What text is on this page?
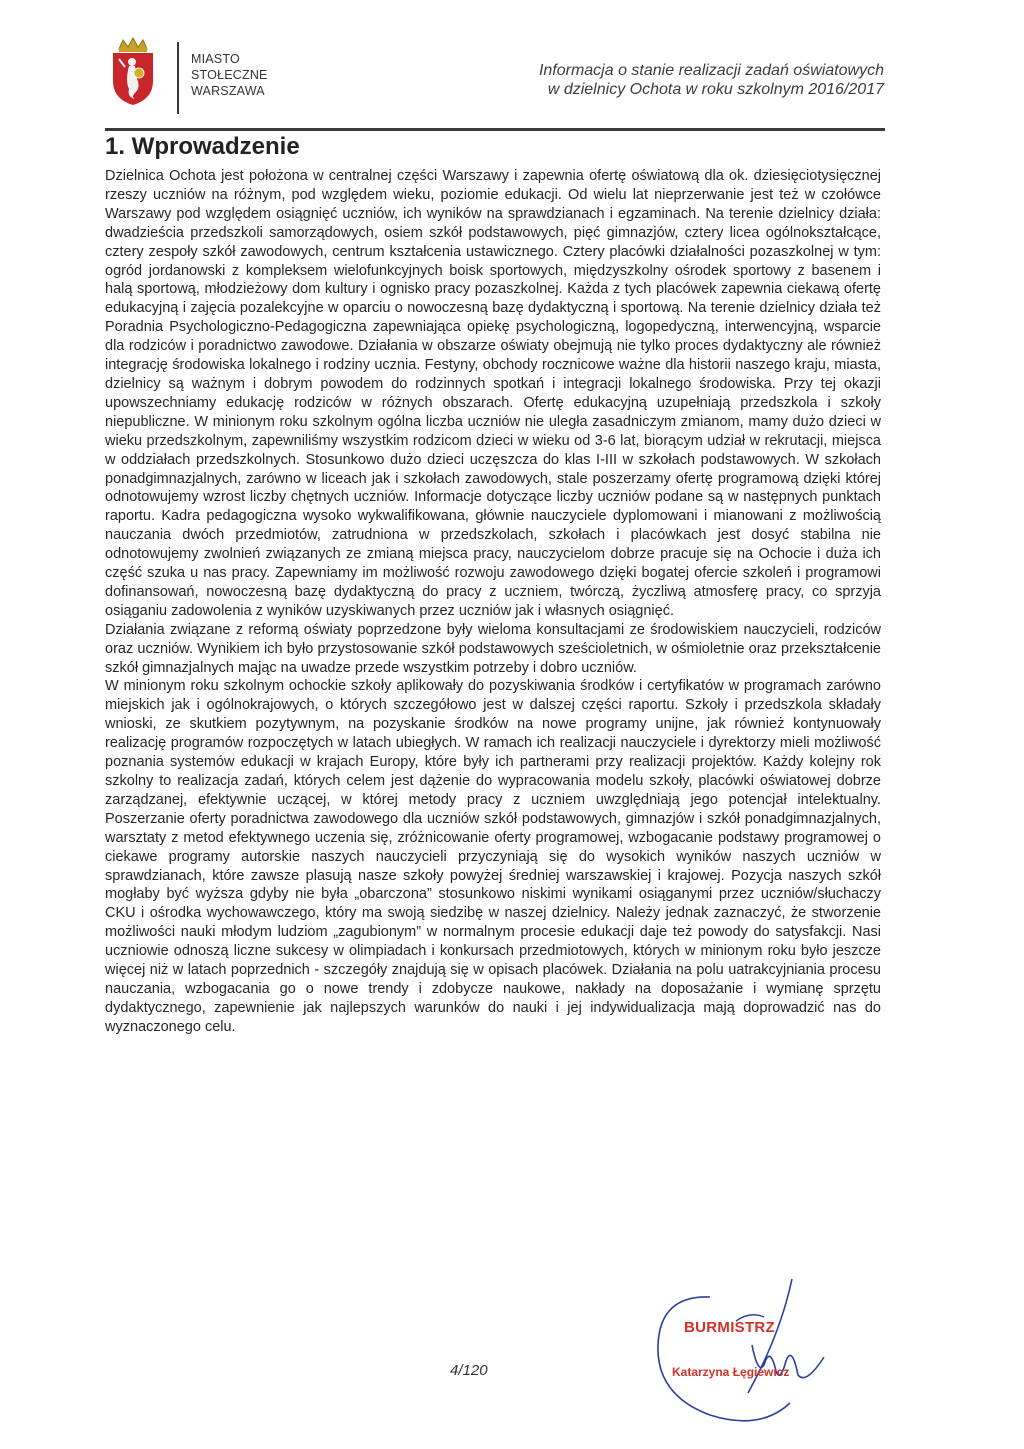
MIASTO
STOŁECZNE
WARSZAWA
Informacja o stanie realizacji zadań oświatowych
w dzielnicy Ochota w roku szkolnym 2016/2017
1. Wprowadzenie

Dzielnica Ochota jest położona w centralnej części Warszawy i zapewnia ofertę oświatową dla ok. dziesięciotysięcznej rzeszy uczniów na różnym, pod względem wieku, poziomie edukacji. Od wielu lat nieprzerwanie jest też w czołówce Warszawy pod względem osiągnięć uczniów, ich wyników na sprawdzianach i egzaminach. Na terenie dzielnicy działa: dwadzieścia przedszkoli samorządowych, osiem szkół podstawowych, pięć gimnazjów, cztery licea ogólnokształcące, cztery zespoły szkół zawodowych, centrum kształcenia ustawicznego. Cztery placówki działalności pozaszkolnej w tym: ogród jordanowski z kompleksem wielofunkcyjnych boisk sportowych, międzyszkolny ośrodek sportowy z basenem i halą sportową, młodzieżowy dom kultury i ognisko pracy pozaszkolnej. Każda z tych placówek zapewnia ciekawą ofertę edukacyjną i zajęcia pozalekcyjne w oparciu o nowoczesną bazę dydaktyczną i sportową. Na terenie dzielnicy działa też Poradnia Psychologiczno-Pedagogiczna zapewniająca opiekę psychologiczną, logopedyczną, interwencyjną, wsparcie dla rodziców i poradnictwo zawodowe. Działania w obszarze oświaty obejmują nie tylko proces dydaktyczny ale również integrację środowiska lokalnego i rodziny ucznia. Festyny, obchody rocznicowe ważne dla historii naszego kraju, miasta, dzielnicy są ważnym i dobrym powodem do rodzinnych spotkań i integracji lokalnego środowiska. Przy tej okazji upowszechniamy edukację rodziców w różnych obszarach. Ofertę edukacyjną uzupełniają przedszkola i szkoły niepubliczne. W minionym roku szkolnym ogólna liczba uczniów nie uległa zasadniczym zmianom, mamy dużo dzieci w wieku przedszkolnym, zapewniliśmy wszystkim rodzicom dzieci w wieku od 3-6 lat, biorącym udział w rekrutacji, miejsca w oddziałach przedszkolnych. Stosunkowo dużo dzieci uczęszcza do klas I-III w szkołach podstawowych. W szkołach ponadgimnazjalnych, zarówno w liceach jak i szkołach zawodowych, stale poszerzamy ofertę programową dzięki której odnotowujemy wzrost liczby chętnych uczniów. Informacje dotyczące liczby uczniów podane są w następnych punktach raportu. Kadra pedagogiczna wysoko wykwalifikowana, głównie nauczyciele dyplomowani i mianowani z możliwością nauczania dwóch przedmiotów, zatrudniona w przedszkolach, szkołach i placówkach jest dosyć stabilna nie odnotowujemy zwolnień związanych ze zmianą miejsca pracy, nauczycielom dobrze pracuje się na Ochocie i duża ich część szuka u nas pracy. Zapewniamy im możliwość rozwoju zawodowego dzięki bogatej ofercie szkoleń i programowi dofinansowań, nowoczesną bazę dydaktyczną do pracy z uczniem, twórczą, życzliwą atmosferę pracy, co sprzyja osiąganiu zadowolenia z wyników uzyskiwanych przez uczniów jak i własnych osiągnięć.

Działania związane z reformą oświaty poprzedzone były wieloma konsultacjami ze środowiskiem nauczycieli, rodziców oraz uczniów. Wynikiem ich było przystosowanie szkół podstawowych sześcioletnich, w ośmioletnie oraz przekształcenie szkół gimnazjalnych mając na uwadze przede wszystkim potrzeby i dobro uczniów.

W minionym roku szkolnym ochockie szkoły aplikowały do pozyskiwania środków i certyfikatów w programach zarówno miejskich jak i ogólnokrajowych, o których szczegółowo jest w dalszej części raportu. Szkoły i przedszkola składały wnioski, ze skutkiem pozytywnym, na pozyskanie środków na nowe programy unijne, jak również kontynuowały realizację programów rozpoczętych w latach ubiegłych. W ramach ich realizacji nauczyciele i dyrektorzy mieli możliwość poznania systemów edukacji w krajach Europy, które były ich partnerami przy realizacji projektów. Każdy kolejny rok szkolny to realizacja zadań, których celem jest dążenie do wypracowania modelu szkoły, placówki oświatowej dobrze zarządzanej, efektywnie uczącej, w której metody pracy z uczniem uwzględniają jego potencjał intelektualny. Poszerzanie oferty poradnictwa zawodowego dla uczniów szkół podstawowych, gimnazjów i szkół ponadgimnazjalnych, warsztaty z metod efektywnego uczenia się, zróżnicowanie oferty programowej, wzbogacanie podstawy programowej o ciekawe programy autorskie naszych nauczycieli przyczyniają się do wysokich wyników naszych uczniów w sprawdzianach, które zawsze plasują nasze szkoły powyżej średniej warszawskiej i krajowej. Pozycja naszych szkół mogłaby być wyższa gdyby nie była „obarczona” stosunkowo niskimi wynikami osiąganymi przez uczniów/słuchaczy CKU i ośrodka wychowawczego, który ma swoją siedzibę w naszej dzielnicy. Należy jednak zaznaczyć, że stworzenie możliwości nauki młodym ludziom „zagubionym” w normalnym procesie edukacji daje też powody do satysfakcji. Nasi uczniowie odnoszą liczne sukcesy w olimpiadach i konkursach przedmiotowych, których w minionym roku było jeszcze więcej niż w latach poprzednich - szczegóły znajdują się w opisach placówek. Działania na polu uatrakcyjniania procesu nauczania, wzbogacania go o nowe trendy i zdobycze naukowe, nakłady na doposażanie i wymianę sprzętu dydaktycznego, zapewnienie jak najlepszych warunków do nauki i jej indywidualizacja mają doprowadzić nas do wyznaczonego celu.

BURMISTRZ
Katarzyna Łęgiewicz
4/120
